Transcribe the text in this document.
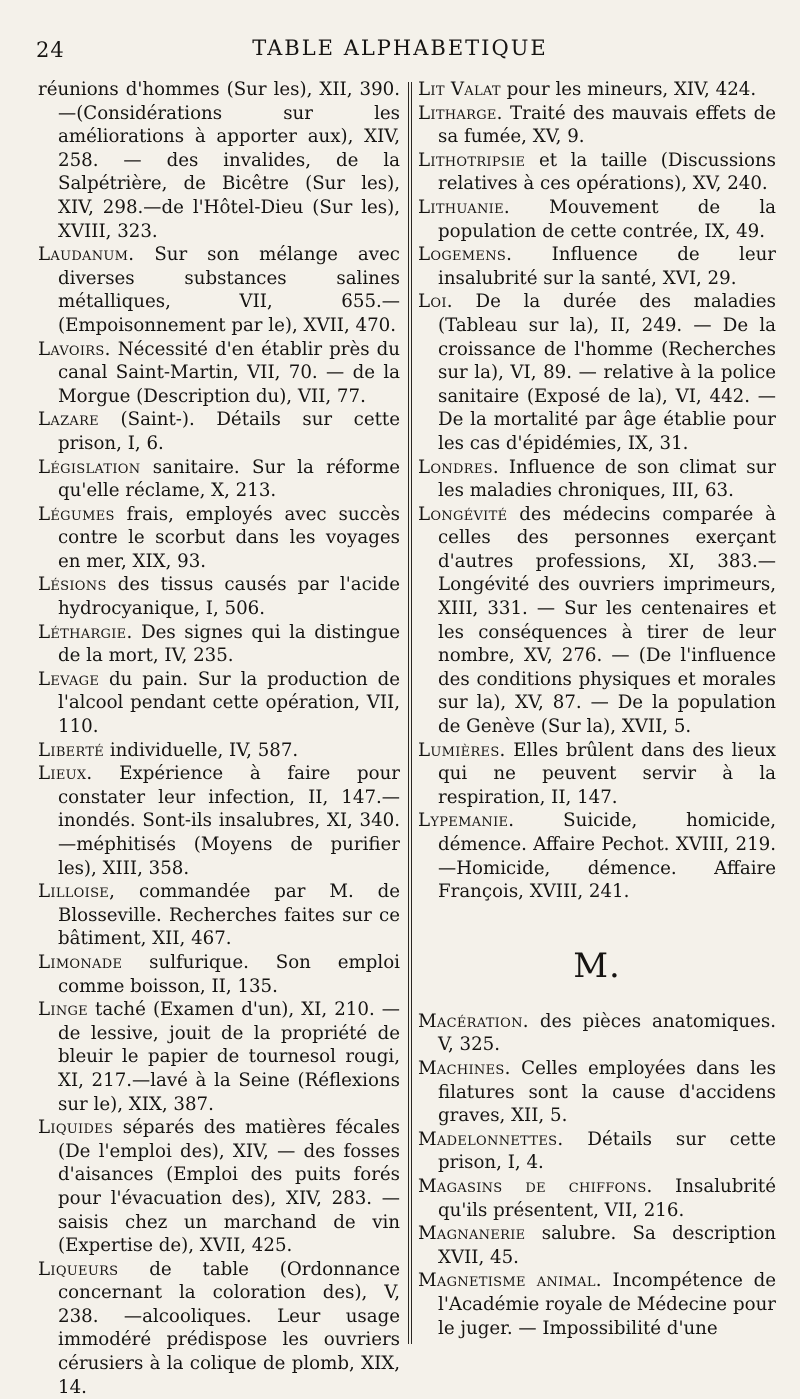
24	TABLE ALPHABETIQUE

réunions d'hommes (Sur les), XII, 390.—(Considérations sur les améliorations à apporter aux), XIV, 258. — des invalides, de la Salpétrière, de Bicêtre (Sur les), XIV, 298.—de l'Hôtel-Dieu (Sur les), XVIII, 323.

Laudanum. Sur son mélange avec diverses substances salines métalliques, VII, 655.— (Empoisonnement par le), XVII, 470.

Lavoirs. Nécessité d'en établir près du canal Saint-Martin, VII, 70. — de la Morgue (Description du), VII, 77.

Lazare (Saint-). Détails sur cette prison, I, 6.

Législation sanitaire. Sur la réforme qu'elle réclame, X, 213.

Légumes frais, employés avec succès contre le scorbut dans les voyages en mer, XIX, 93.

Lésions des tissus causés par l'acide hydrocyanique, I, 506.

Léthargie. Des signes qui la distingue de la mort, IV, 235.

Levage du pain. Sur la production de l'alcool pendant cette opération, VII, 110.

Liberté individuelle, IV, 587.

Lieux. Expérience à faire pour constater leur infection, II, 147.—inondés. Sont-ils insalubres, XI, 340.—méphitisés (Moyens de purifier les), XIII, 358.

Lilloise, commandée par M. de Blosseville. Recherches faites sur ce bâtiment, XII, 467.

Limonade sulfurique. Son emploi comme boisson, II, 135.

Linge taché (Examen d'un), XI, 210. — de lessive, jouit de la propriété de bleuir le papier de tournesol rougi, XI, 217.—lavé à la Seine (Réflexions sur le), XIX, 387.

Liquides séparés des matières fécales (De l'emploi des), XIV, — des fosses d'aisances (Emploi des puits forés pour l'évacuation des), XIV, 283. — saisis chez un marchand de vin (Expertise de), XVII, 425.

Liqueurs de table (Ordonnance concernant la coloration des), V, 238. —alcooliques. Leur usage immodéré prédispose les ouvriers cérusiers à la colique de plomb, XIX, 14.

Lit Valat pour les mineurs, XIV, 424.

Litharge. Traité des mauvais effets de sa fumée, XV, 9.

Lithotripsie et la taille (Discussions relatives à ces opérations), XV, 240.

Lithuanie. Mouvement de la population de cette contrée, IX, 49.

Logemens. Influence de leur insalubrité sur la santé, XVI, 29.

Loi. De la durée des maladies (Tableau sur la), II, 249. — De la croissance de l'homme (Recherches sur la), VI, 89. — relative à la police sanitaire (Exposé de la), VI, 442. — De la mortalité par âge établie pour les cas d'épidémies, IX, 31.

Londres. Influence de son climat sur les maladies chroniques, III, 63.

Longévité des médecins comparée à celles des personnes exerçant d'autres professions, XI, 383.—Longévité des ouvriers imprimeurs, XIII, 331. — Sur les centenaires et les conséquences à tirer de leur nombre, XV, 276. — (De l'influence des conditions physiques et morales sur la), XV, 87. — De la population de Genève (Sur la), XVII, 5.

Lumières. Elles brûlent dans des lieux qui ne peuvent servir à la respiration, II, 147.

Lypemanie. Suicide, homicide, démence. Affaire Pechot. XVIII, 219. —Homicide, démence. Affaire François, XVIII, 241.

M.

Macération. des pièces anatomiques. V, 325.

Machines. Celles employées dans les filatures sont la cause d'accidens graves, XII, 5.

Madelonnettes. Détails sur cette prison, I, 4.

Magasins de chiffons. Insalubrité qu'ils présentent, VII, 216.

Magnanerie salubre. Sa description XVII, 45.

Magnetisme animal. Incompétence de l'Académie royale de Médecine pour le juger. — Impossibilité d'une
